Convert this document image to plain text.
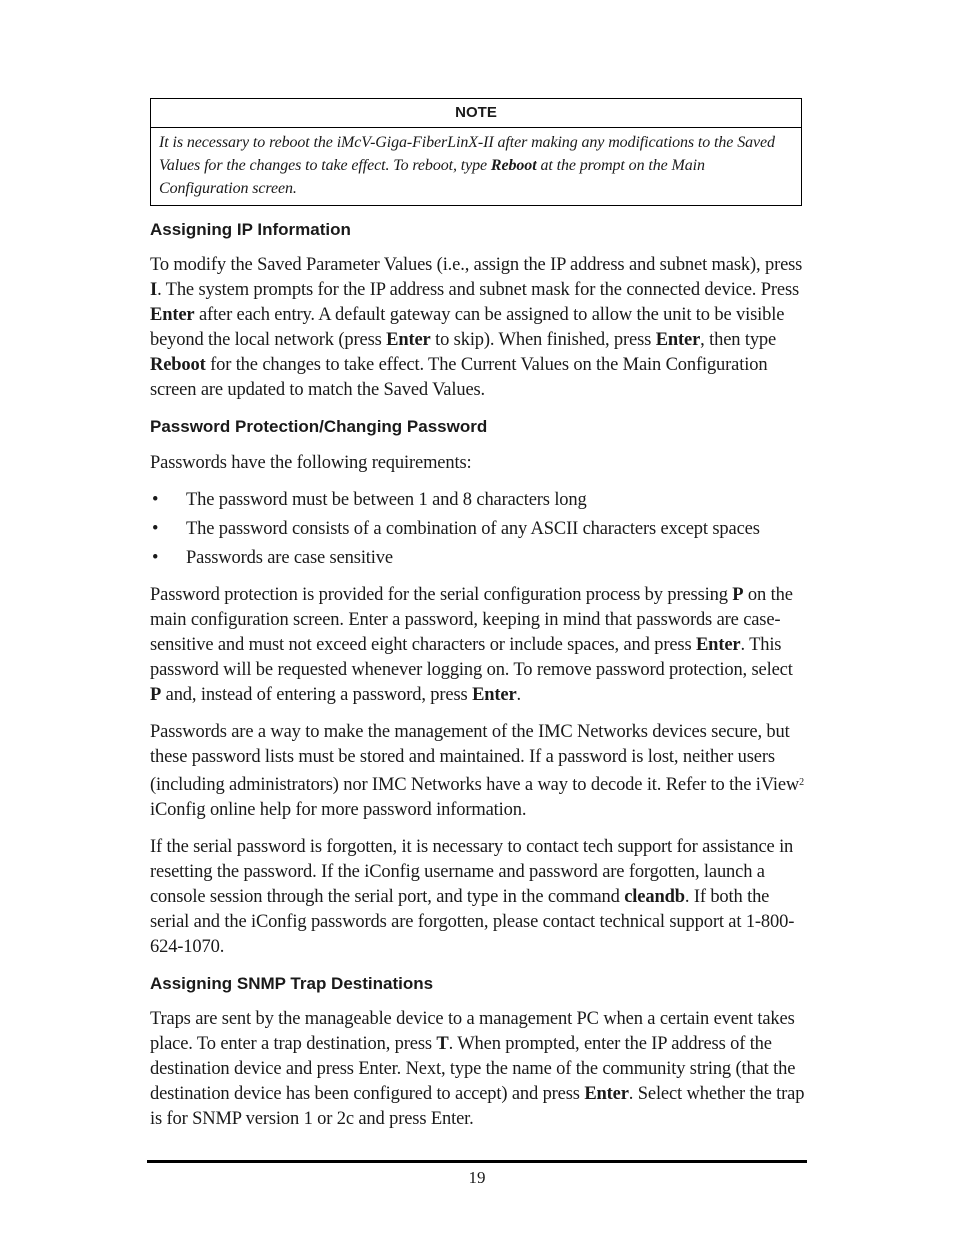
NOTE
It is necessary to reboot the iMcV-Giga-FiberLinX-II after making any modifications to the Saved Values for the changes to take effect. To reboot, type Reboot at the prompt on the Main Configuration screen.
Assigning IP Information

To modify the Saved Parameter Values (i.e., assign the IP address and subnet mask), press I. The system prompts for the IP address and subnet mask for the connected device. Press Enter after each entry. A default gateway can be assigned to allow the unit to be visible beyond the local network (press Enter to skip). When finished, press Enter, then type Reboot for the changes to take effect. The Current Values on the Main Configuration screen are updated to match the Saved Values.

Password Protection/Changing Password

Passwords have the following requirements:

• The password must be between 1 and 8 characters long
• The password consists of a combination of any ASCII characters except spaces
• Passwords are case sensitive

Password protection is provided for the serial configuration process by pressing P on the main configuration screen. Enter a password, keeping in mind that passwords are case-sensitive and must not exceed eight characters or include spaces, and press Enter. This password will be requested whenever logging on. To remove password protection, select P and, instead of entering a password, press Enter.

Passwords are a way to make the management of the IMC Networks devices secure, but these password lists must be stored and maintained. If a password is lost, neither users (including administrators) nor IMC Networks have a way to decode it. Refer to the iView$^2$ iConfig online help for more password information.

If the serial password is forgotten, it is necessary to contact tech support for assistance in resetting the password. If the iConfig username and password are forgotten, launch a console session through the serial port, and type in the command cleandb. If both the serial and the iConfig passwords are forgotten, please contact technical support at 1-800-624-1070.

Assigning SNMP Trap Destinations

Traps are sent by the manageable device to a management PC when a certain event takes place. To enter a trap destination, press T. When prompted, enter the IP address of the destination device and press Enter. Next, type the name of the community string (that the destination device has been configured to accept) and press Enter. Select whether the trap is for SNMP version 1 or 2c and press Enter.

19
